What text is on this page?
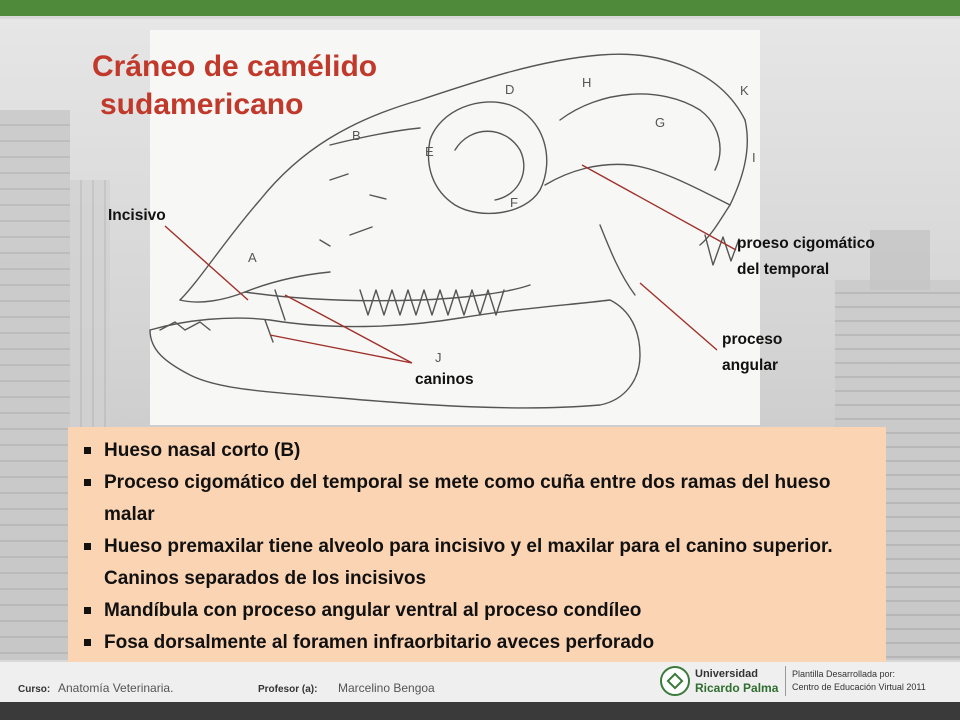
Cráneo de camélido
sudamericano
A
B
D
E
F
G
H
I
J
K
Incisivo
caninos
proeso cigomático
del temporal
proceso
angular
Hueso nasal corto (B)
Proceso cigomático del temporal se mete como cuña entre dos ramas del hueso malar
Hueso premaxilar tiene alveolo para incisivo y el maxilar para el canino superior. Caninos separados de los incisivos
Mandíbula con proceso angular ventral al proceso condíleo
Fosa dorsalmente al foramen infraorbitario aveces perforado
Curso: Anatomía Veterinaria.	Profesor (a): Marcelino Bengoa
Universidad
Ricardo Palma
Plantilla Desarrollada por:
Centro de Educación Virtual 2011
